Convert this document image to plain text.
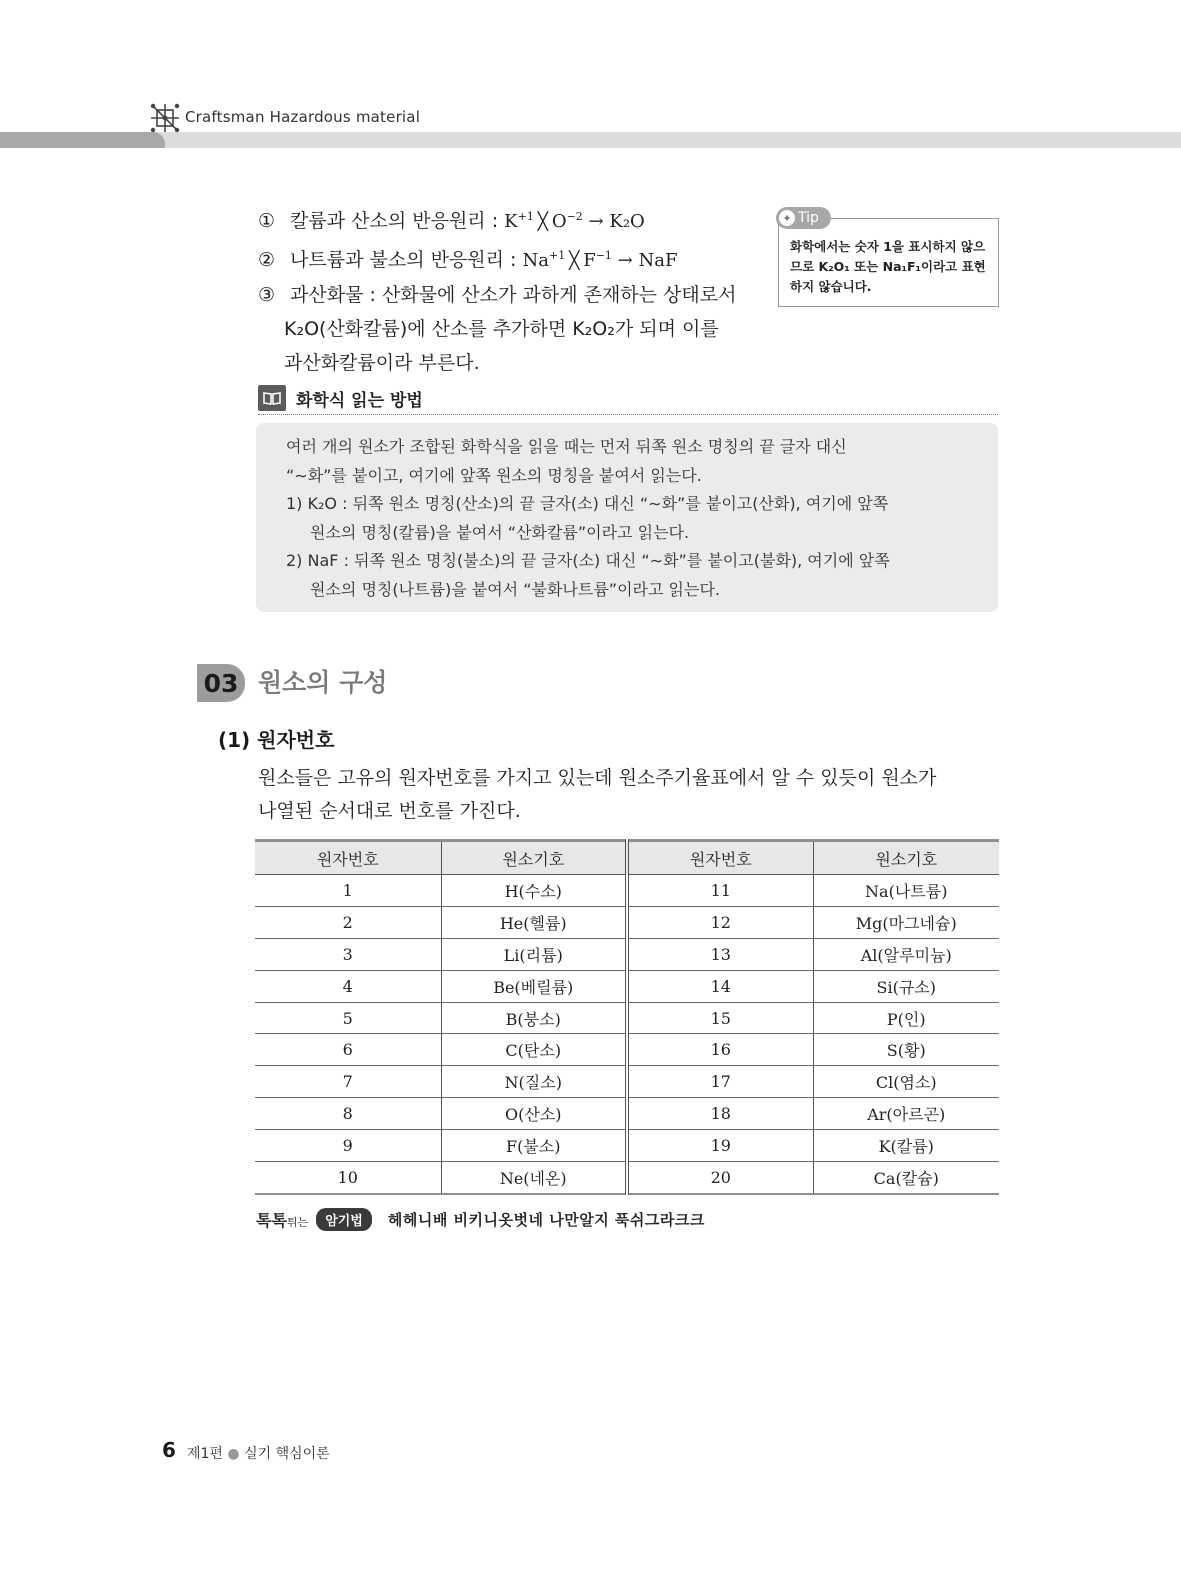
Craftsman Hazardous material
① 칼륨과 산소의 반응원리 : $K^{+1}$ ╳ $O^{-2} \to K_2O$
② 나트륨과 불소의 반응원리 : $Na^{+1}$ ╳ $F^{-1}$ → NaF
③ 과산화물 : 산화물에 산소가 과하게 존재하는 상태로서
K₂O(산화칼륨)에 산소를 추가하면 K₂O₂가 되며 이를
과산화칼륨이라 부른다.
✦ Tip
화학에서는 숫자 1을 표시하지 않으므로 K₂O₁ 또는 Na₁F₁이라고 표현하지 않습니다.
화학식 읽는 방법
여러 개의 원소가 조합된 화학식을 읽을 때는 먼저 뒤쪽 원소 명칭의 끝 글자 대신
“∼화”를 붙이고, 여기에 앞쪽 원소의 명칭을 붙여서 읽는다.
1) K₂O : 뒤쪽 원소 명칭(산소)의 끝 글자(소) 대신 “∼화”를 붙이고(산화), 여기에 앞쪽
원소의 명칭(칼륨)을 붙여서 “산화칼륨”이라고 읽는다.
2) NaF : 뒤쪽 원소 명칭(불소)의 끝 글자(소) 대신 “∼화”를 붙이고(불화), 여기에 앞쪽
원소의 명칭(나트륨)을 붙여서 “불화나트륨”이라고 읽는다.
03 원소의 구성
(1) 원자번호
원소들은 고유의 원자번호를 가지고 있는데 원소주기율표에서 알 수 있듯이 원소가
나열된 순서대로 번호를 가진다.
원자번호	원소기호	원자번호	원소기호
1	H(수소)	11	Na(나트륨)
2	He(헬륨)	12	Mg(마그네슘)
3	Li(리튬)	13	Al(알루미늄)
4	Be(베릴륨)	14	Si(규소)
5	B(붕소)	15	P(인)
6	C(탄소)	16	S(황)
7	N(질소)	17	Cl(염소)
8	O(산소)	18	Ar(아르곤)
9	F(불소)	19	K(칼륨)
10	Ne(네온)	20	Ca(칼슘)
톡톡튀는	암기법	헤헤니배 비키니옷벗네 나만알지 푹쉬그라크크
6 제1편 ● 실기 핵심이론
